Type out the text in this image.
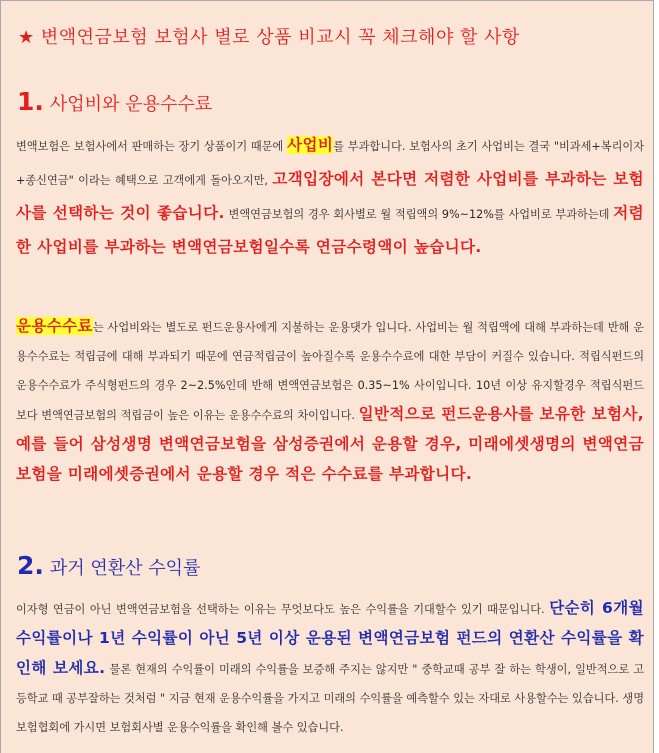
★ 변액연금보험 보험사 별로 상품 비교시 꼭 체크해야 할 사항
1. 사업비와 운용수수료
변액보험은 보험사에서 판매하는 장기 상품이기 때문에 사업비를 부과합니다. 보험사의 초기 사업비는 결국 "비과세+복리이자+종신연금" 이라는 혜택으로 고객에게 돌아오지만, 고객입장에서 본다면 저렴한 사업비를 부과하는 보험사를 선택하는 것이 좋습니다. 변액연금보험의 경우 회사별로 월 적립액의 9%~12%를 사업비로 부과하는데 저렴한 사업비를 부과하는 변액연금보험일수록 연금수령액이 높습니다.
운용수수료는 사업비와는 별도로 펀드운용사에게 지불하는 운용댓가 입니다. 사업비는 월 적립액에 대해 부과하는데 반해 운용수수료는 적립금에 대해 부과되기 때문에 연금적립금이 높아질수록 운용수수료에 대한 부담이 커질수 있습니다. 적립식펀드의 운용수수료가 주식형펀드의 경우 2~2.5%인데 반해 변액연금보험은 0.35~1% 사이입니다. 10년 이상 유지할경우 적립식펀드 보다 변액연금보험의 적립금이 높은 이유는 운용수수료의 차이입니다. 일반적으로 펀드운용사를 보유한 보험사, 예를 들어 삼성생명 변액연금보험을 삼성증권에서 운용할 경우, 미래에셋생명의 변액연금보험을 미래에셋증권에서 운용할 경우 적은 수수료를 부과합니다.
2. 과거 연환산 수익률
이자형 연금이 아닌 변액연금보험을 선택하는 이유는 무엇보다도 높은 수익률을 기대할수 있기 때문입니다. 단순히 6개월 수익률이나 1년 수익률이 아닌 5년 이상 운용된 변액연금보험 펀드의 연환산 수익률을 확인해 보세요. 물론 현재의 수익률이 미래의 수익률을 보증해 주지는 않지만 " 중학교때 공부 잘 하는 학생이, 일반적으로 고등학교 때 공부잘하는 것처럼 " 지금 현재 운용수익률을 가지고 미래의 수익률을 예측할수 있는 자대로 사용할수는 있습니다. 생명보험협회에 가시면 보험회사별 운용수익률을 확인해 볼수 있습니다.
